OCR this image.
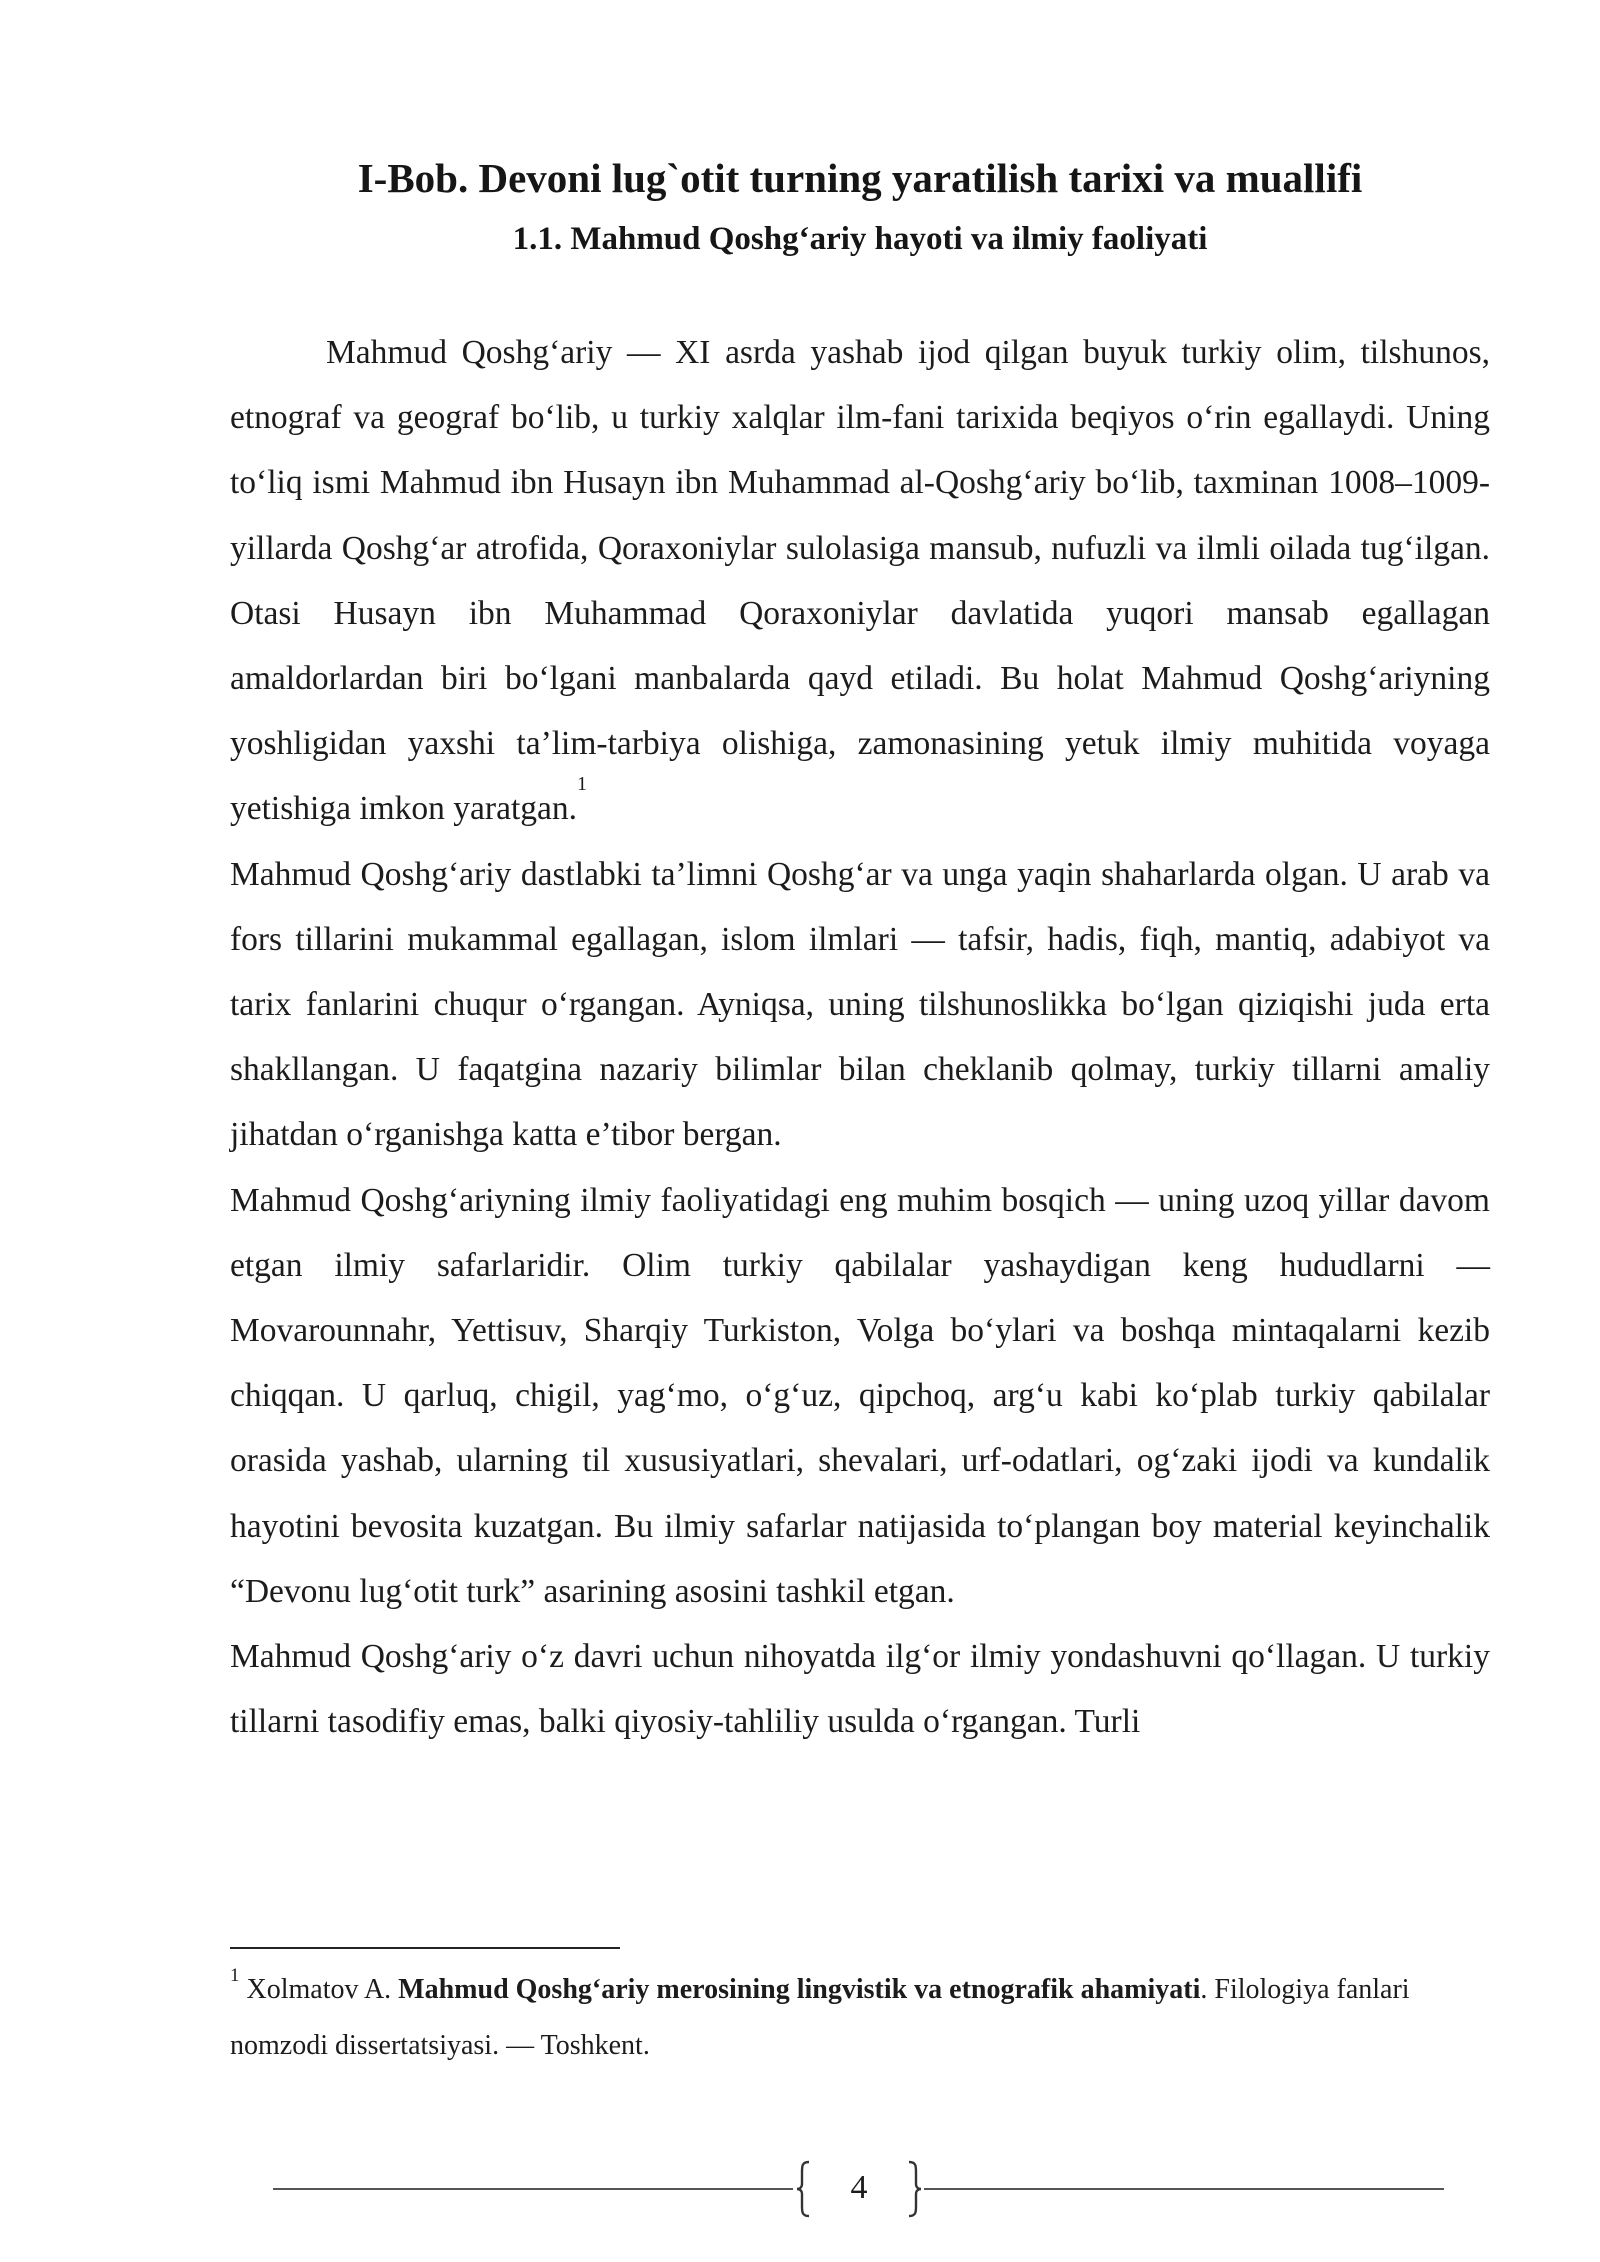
I-Bob. Devoni lug`otit turning yaratilish tarixi va muallifi
1.1. Mahmud Qoshg‘ariy hayoti va ilmiy faoliyati

Mahmud Qoshg‘ariy — XI asrda yashab ijod qilgan buyuk turkiy olim, tilshunos, etnograf va geograf bo‘lib, u turkiy xalqlar ilm-fani tarixida beqiyos o‘rin egallaydi. Uning to‘liq ismi Mahmud ibn Husayn ibn Muhammad al-Qoshg‘ariy bo‘lib, taxminan 1008–1009-yillarda Qoshg‘ar atrofida, Qoraxoniylar sulolasiga mansub, nufuzli va ilmli oilada tug‘ilgan. Otasi Husayn ibn Muhammad Qoraxoniylar davlatida yuqori mansab egallagan amaldorlardan biri bo‘lgani manbalarda qayd etiladi. Bu holat Mahmud Qoshg‘ariyning yoshligidan yaxshi ta’lim-tarbiya olishiga, zamonasining yetuk ilmiy muhitida voyaga yetishiga imkon yaratgan.$^1$

Mahmud Qoshg‘ariy dastlabki ta’limni Qoshg‘ar va unga yaqin shaharlarda olgan. U arab va fors tillarini mukammal egallagan, islom ilmlari — tafsir, hadis, fiqh, mantiq, adabiyot va tarix fanlarini chuqur o‘rgangan. Ayniqsa, uning tilshunoslikka bo‘lgan qiziqishi juda erta shakllangan. U faqatgina nazariy bilimlar bilan cheklanib qolmay, turkiy tillarni amaliy jihatdan o‘rganishga katta e’tibor bergan.

Mahmud Qoshg‘ariyning ilmiy faoliyatidagi eng muhim bosqich — uning uzoq yillar davom etgan ilmiy safarlaridir. Olim turkiy qabilalar yashaydigan keng hududlarni — Movarounnahr, Yettisuv, Sharqiy Turkiston, Volga bo‘ylari va boshqa mintaqalarni kezib chiqqan. U qarluq, chigil, yag‘mo, o‘g‘uz, qipchoq, arg‘u kabi ko‘plab turkiy qabilalar orasida yashab, ularning til xususiyatlari, shevalari, urf-odatlari, og‘zaki ijodi va kundalik hayotini bevosita kuzatgan. Bu ilmiy safarlar natijasida to‘plangan boy material keyinchalik “Devonu lug‘otit turk” asarining asosini tashkil etgan.

Mahmud Qoshg‘ariy o‘z davri uchun nihoyatda ilg‘or ilmiy yondashuvni qo‘llagan. U turkiy tillarni tasodifiy emas, balki qiyosiy-tahliliy usulda o‘rgangan. Turli

$^1$ Xolmatov A. Mahmud Qoshg‘ariy merosining lingvistik va etnografik ahamiyati. Filologiya fanlari nomzodi dissertatsiyasi. — Toshkent.
4
